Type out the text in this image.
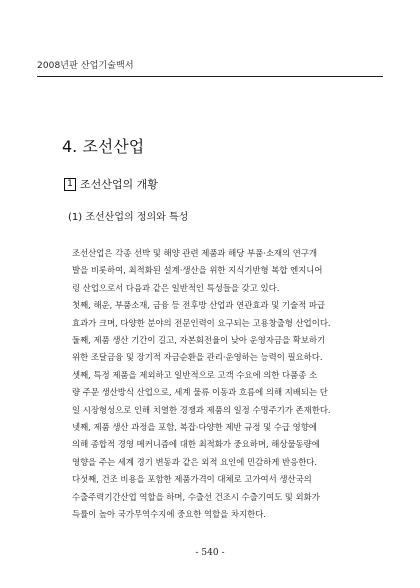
2008년판 산업기술백서
4. 조선산업
1 조선산업의 개황
(1) 조선산업의 정의와 특성

조선산업은 각종 선박 및 해양 관련 제품과 해당 부품·소재의 연구개
발을 비롯하여, 최적화된 설계·생산을 위한 지식기반형 복합 엔지니어
링 산업으로서 다음과 같은 일반적인 특성들을 갖고 있다.

첫째, 해운, 부품소재, 금융 등 전후방 산업과 연관효과 및 기술적 파급
효과가 크며, 다양한 분야의 전문인력이 요구되는 고용창출형 산업이다.

둘째, 제품 생산 기간이 길고, 자본회전율이 낮아 운영자금을 확보하기
위한 조달금융 및 장기적 자금순환을 관리·운영하는 능력이 필요하다.

셋째, 특정 제품을 제외하고 일반적으로 고객 수요에 의한 다품종 소
량 주문 생산방식 산업으로, 세계 물류 이동과 흐름에 의해 지배되는 단
일 시장형성으로 인해 치열한 경쟁과 제품의 일정 수명주기가 존재한다.

넷째, 제품 생산 과정을 포함, 복잡·다양한 제반 규정 및 수급 영향에
의해 종합적 경영 메커니즘에 대한 최적화가 중요하며, 해상물동량에
영향을 주는 세계 경기 변동과 같은 외적 요인에 민감하게 반응한다.

다섯째, 건조 비용을 포함한 제품가격이 대체로 고가여서 생산국의
수출주력기간산업 역할을 하며, 수출선 건조시 수출기여도 및 외화가
득률이 높아 국가무역수지에 중요한 역할을 차지한다.

- 540 -
